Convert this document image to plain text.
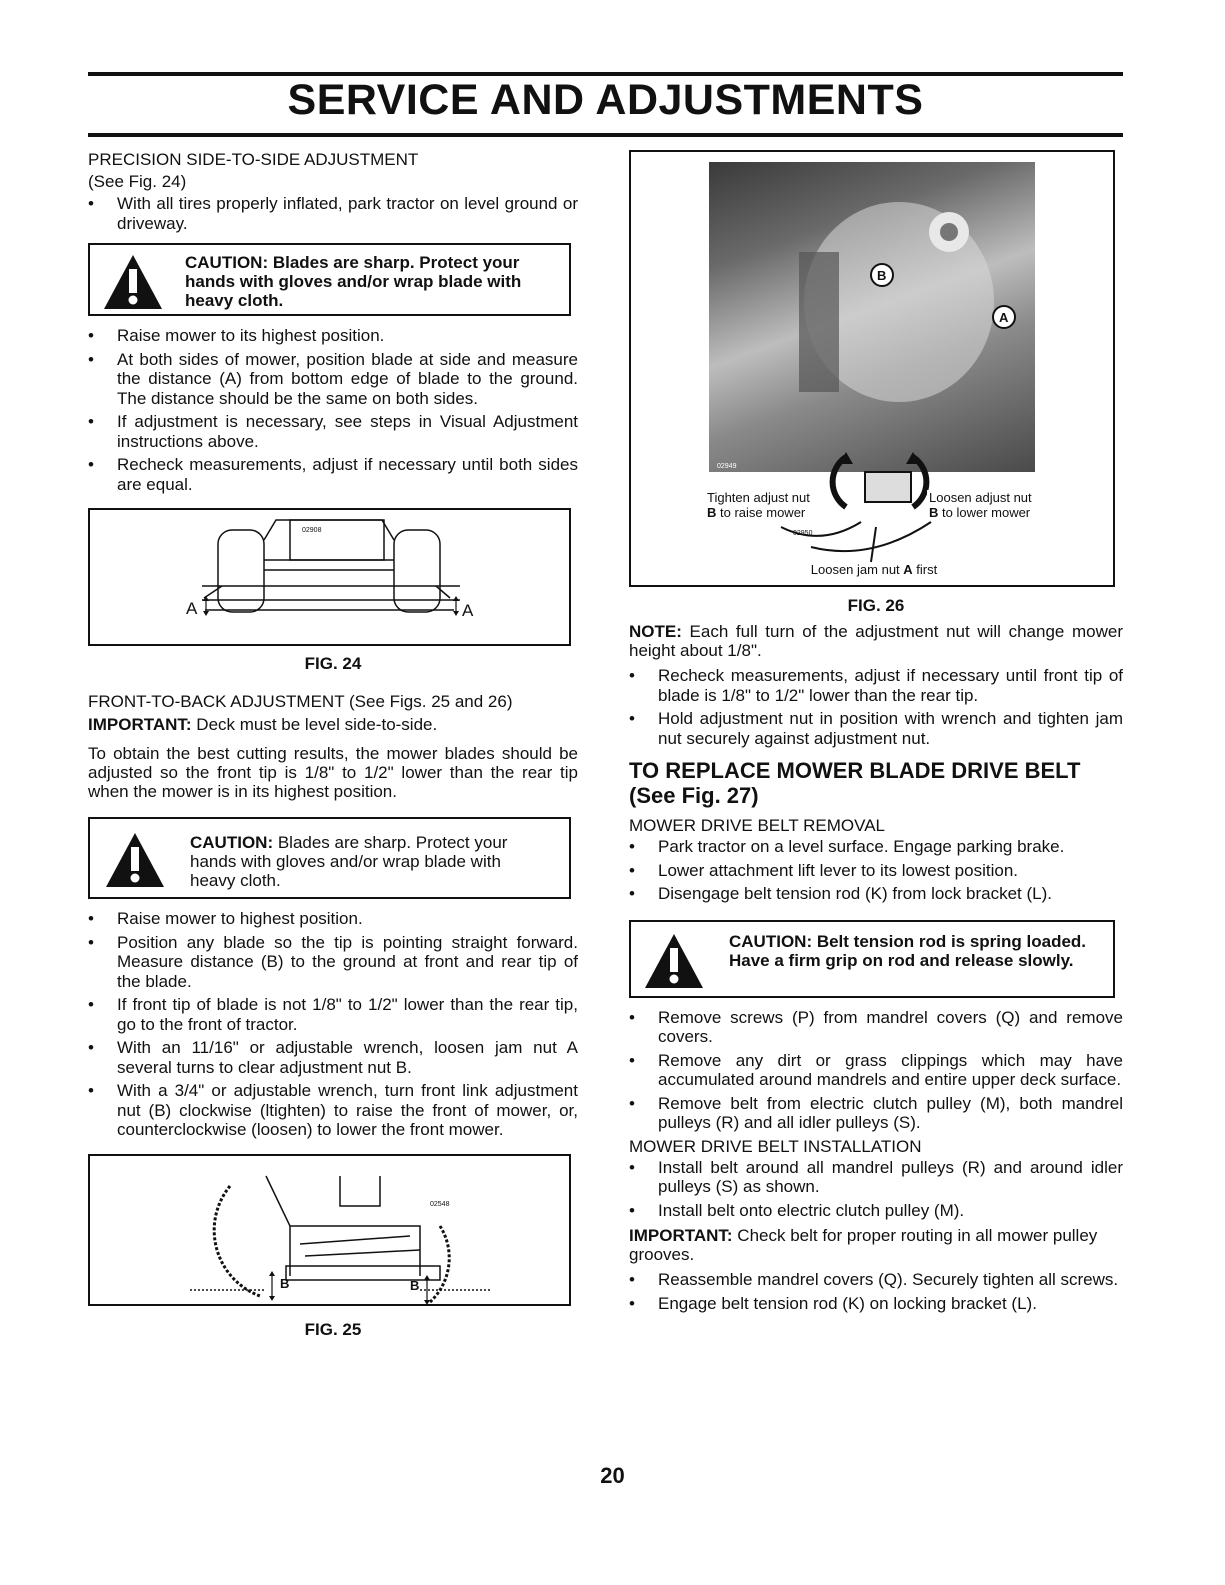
SERVICE AND ADJUSTMENTS

PRECISION SIDE-TO-SIDE ADJUSTMENT

(See Fig. 24)

• With all tires properly inflated, park tractor on level ground or driveway.
CAUTION: Blades are sharp. Protect your hands with gloves and/or wrap blade with heavy cloth.
• Raise mower to its highest position.
• At both sides of mower, position blade at side and measure the distance (A) from bottom edge of blade to the ground. The distance should be the same on both sides.
• If adjustment is necessary, see steps in Visual Adjustment instructions above.
• Recheck measurements, adjust if necessary until both sides are equal.
02908
A	A
FIG. 24

FRONT-TO-BACK ADJUSTMENT (See Figs. 25 and 26)

IMPORTANT: Deck must be level side-to-side.

To obtain the best cutting results, the mower blades should be adjusted so the front tip is 1/8" to 1/2" lower than the rear tip when the mower is in its highest position.

CAUTION: Blades are sharp. Protect your hands with gloves and/or wrap blade with heavy cloth.
• Raise mower to highest position.
• Position any blade so the tip is pointing straight forward. Measure distance (B) to the ground at front and rear tip of the blade.
• If front tip of blade is not 1/8" to 1/2" lower than the rear tip, go to the front of tractor.
• With an 11/16" or adjustable wrench, loosen jam nut A several turns to clear adjustment nut B.
• With a 3/4" or adjustable wrench, turn front link adjustment nut (B) clockwise (ltighten) to raise the front of mower, or, counterclockwise (loosen) to lower the front mower.
02548
B	B
FIG. 25
B
A
02949
02950
Tighten adjust nut
B to raise mower
Loosen adjust nut
B to lower mower
Loosen jam nut A first
FIG. 26

NOTE: Each full turn of the adjustment nut will change mower height about 1/8".

• Recheck measurements, adjust if necessary until front tip of blade is 1/8" to 1/2" lower than the rear tip.
• Hold adjustment nut in position with wrench and tighten jam nut securely against adjustment nut.
TO REPLACE MOWER BLADE DRIVE BELT
(See Fig. 27)

MOWER DRIVE BELT REMOVAL

• Park tractor on a level surface. Engage parking brake.
• Lower attachment lift lever to its lowest position.
• Disengage belt tension rod (K) from lock bracket (L).
CAUTION: Belt tension rod is spring loaded. Have a firm grip on rod and release slowly.
• Remove screws (P) from mandrel covers (Q) and remove covers.
• Remove any dirt or grass clippings which may have accumulated around mandrels and entire upper deck surface.
• Remove belt from electric clutch pulley (M), both mandrel pulleys (R) and all idler pulleys (S).

MOWER DRIVE BELT INSTALLATION

• Install belt around all mandrel pulleys (R) and around idler pulleys (S) as shown.
• Install belt onto electric clutch pulley (M).

IMPORTANT: Check belt for proper routing in all mower pulley grooves.

• Reassemble mandrel covers (Q). Securely tighten all screws.
• Engage belt tension rod (K) on locking bracket (L).
20
